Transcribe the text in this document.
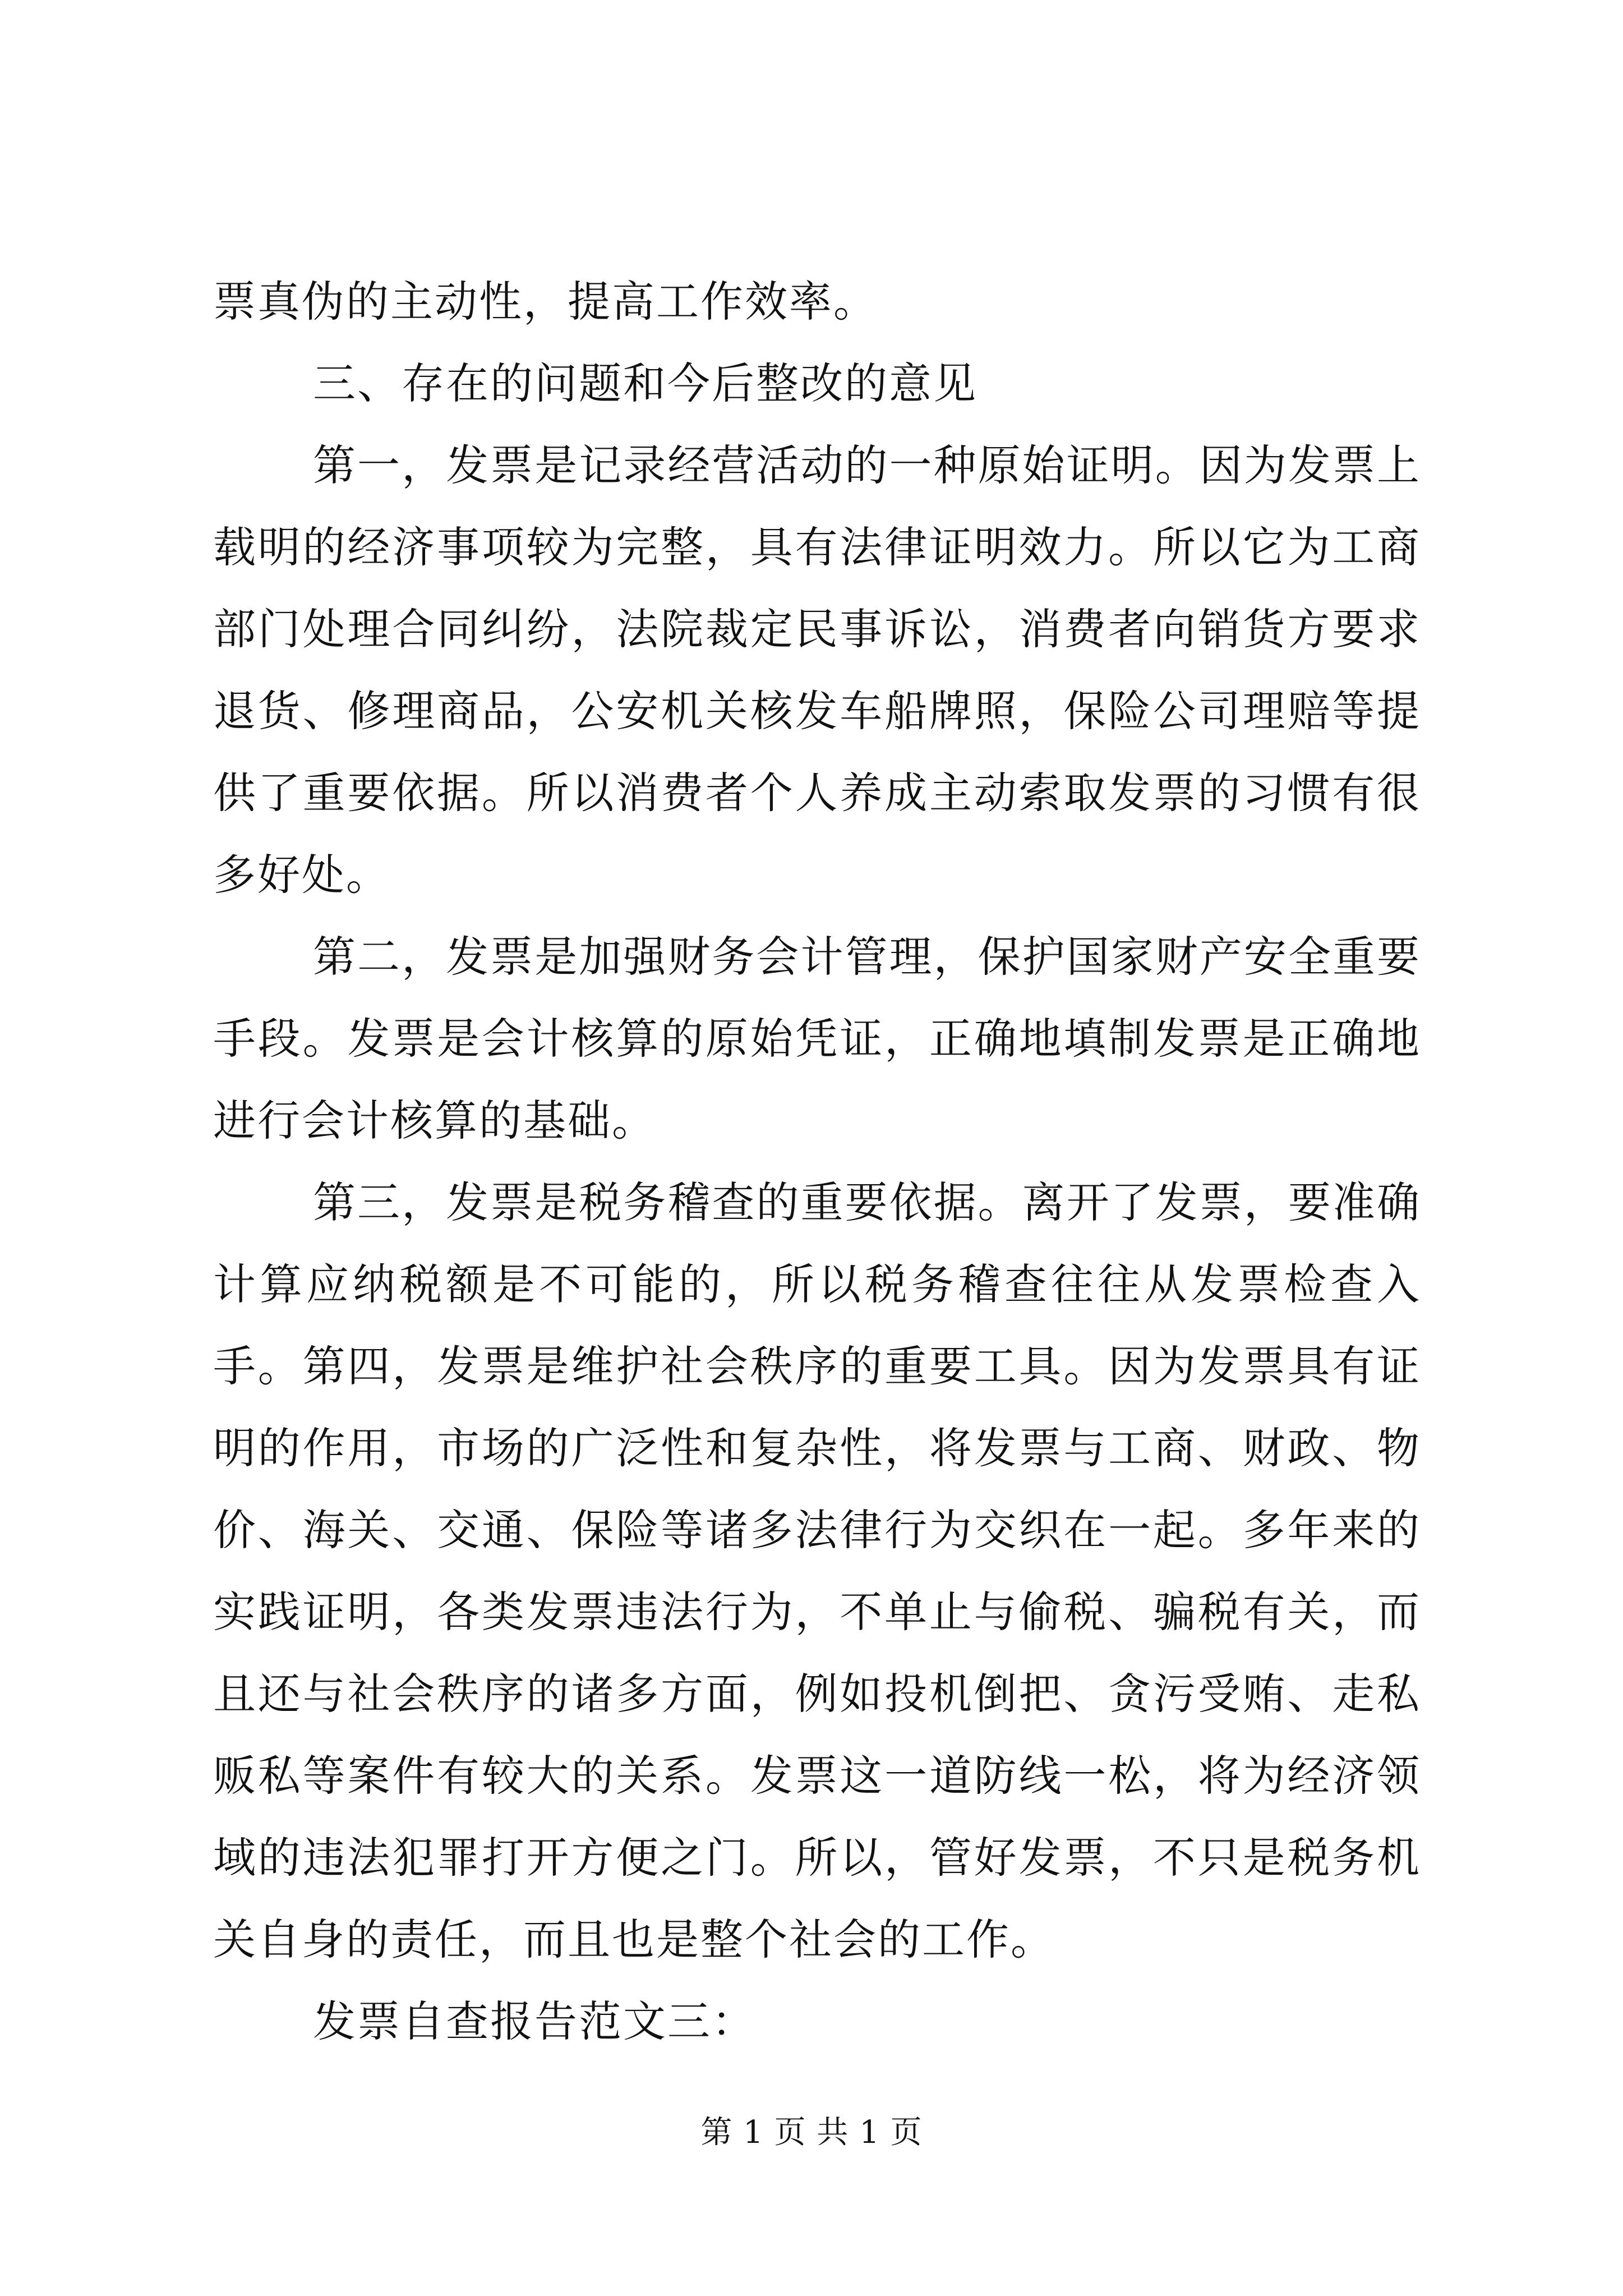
票真伪的主动性，提高工作效率。

三、存在的问题和今后整改的意见

第一，发票是记录经营活动的一种原始证明。因为发票上载明的经济事项较为完整，具有法律证明效力。所以它为工商部门处理合同纠纷，法院裁定民事诉讼，消费者向销货方要求退货、修理商品，公安机关核发车船牌照，保险公司理赔等提供了重要依据。所以消费者个人养成主动索取发票的习惯有很多好处。

第二，发票是加强财务会计管理，保护国家财产安全重要手段。发票是会计核算的原始凭证，正确地填制发票是正确地进行会计核算的基础。

第三，发票是税务稽查的重要依据。离开了发票，要准确计算应纳税额是不可能的，所以税务稽查往往从发票检查入手。第四，发票是维护社会秩序的重要工具。因为发票具有证明的作用，市场的广泛性和复杂性，将发票与工商、财政、物价、海关、交通、保险等诸多法律行为交织在一起。多年来的实践证明，各类发票违法行为，不单止与偷税、骗税有关，而且还与社会秩序的诸多方面，例如投机倒把、贪污受贿、走私贩私等案件有较大的关系。发票这一道防线一松，将为经济领域的违法犯罪打开方便之门。所以，管好发票，不只是税务机关自身的责任，而且也是整个社会的工作。

发票自查报告范文三：

第 1 页 共 1 页
